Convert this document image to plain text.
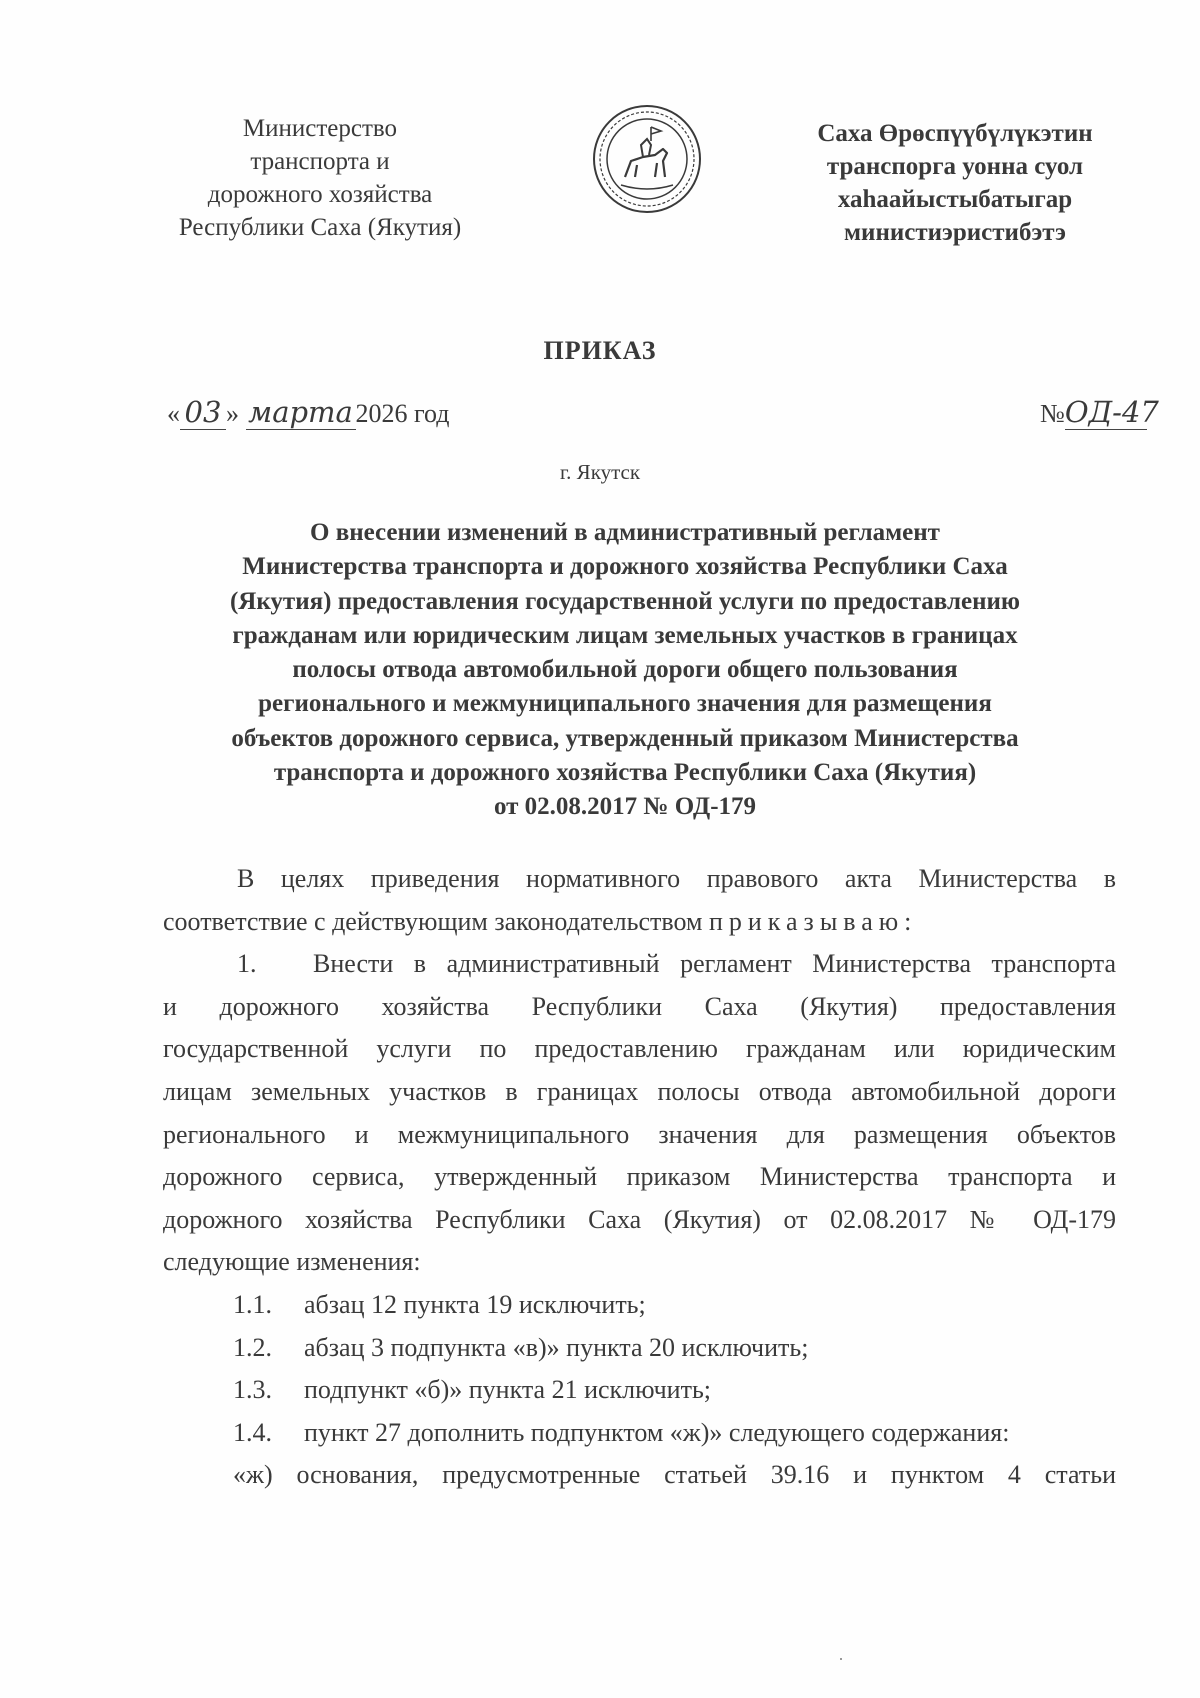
Министерство
транспорта и
дорожного хозяйства
Республики Саха (Якутия)
Саха Өрөспүүбүлүкэтин
транспорга уонна суол
хаһаайыстыбатыгар
министиэристибэтэ
ПРИКАЗ
« 03 » марта 2026 год	№ОД-47
г. Якутск
О внесении изменений в административный регламент
Министерства транспорта и дорожного хозяйства Республики Саха
(Якутия) предоставления государственной услуги по предоставлению
гражданам или юридическим лицам земельных участков в границах
полосы отвода автомобильной дороги общего пользования
регионального и межмуниципального значения для размещения
объектов дорожного сервиса, утвержденный приказом Министерства
транспорта и дорожного хозяйства Республики Саха (Якутия)
от 02.08.2017 № ОД-179

В целях приведения нормативного правового акта Министерства в

соответствие с действующим законодательством приказываю:

1. Внести в административный регламент Министерства транспорта

и дорожного хозяйства Республики Саха (Якутия) предоставления

государственной услуги по предоставлению гражданам или юридическим

лицам земельных участков в границах полосы отвода автомобильной дороги

регионального и межмуниципального значения для размещения объектов

дорожного сервиса, утвержденный приказом Министерства транспорта и

дорожного хозяйства Республики Саха (Якутия) от 02.08.2017 № ОД-179

следующие изменения:

1.1. абзац 12 пункта 19 исключить;

1.2. абзац 3 подпункта «в)» пункта 20 исключить;

1.3. подпункт «б)» пункта 21 исключить;

1.4. пункт 27 дополнить подпунктом «ж)» следующего содержания:

«ж) основания, предусмотренные статьей 39.16 и пунктом 4 статьи
